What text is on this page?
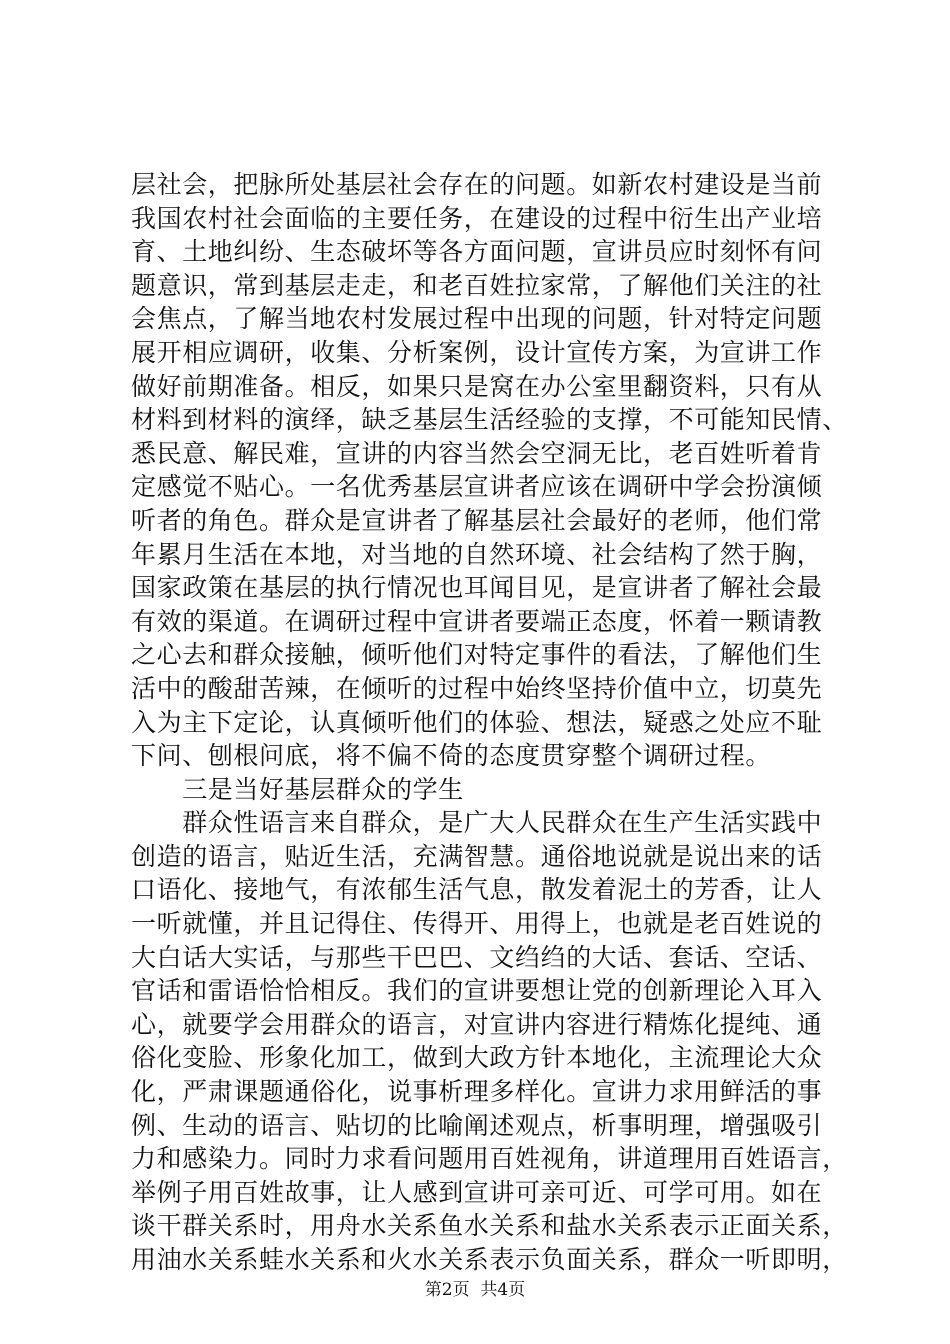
层社会，把脉所处基层社会存在的问题。如新农村建设是当前
我国农村社会面临的主要任务，在建设的过程中衍生出产业培
育、土地纠纷、生态破坏等各方面问题，宣讲员应时刻怀有问
题意识，常到基层走走，和老百姓拉家常，了解他们关注的社
会焦点，了解当地农村发展过程中出现的问题，针对特定问题
展开相应调研，收集、分析案例，设计宣传方案，为宣讲工作
做好前期准备。相反，如果只是窝在办公室里翻资料，只有从
材料到材料的演绎，缺乏基层生活经验的支撑，不可能知民情、
悉民意、解民难，宣讲的内容当然会空洞无比，老百姓听着肯
定感觉不贴心。一名优秀基层宣讲者应该在调研中学会扮演倾
听者的角色。群众是宣讲者了解基层社会最好的老师，他们常
年累月生活在本地，对当地的自然环境、社会结构了然于胸，
国家政策在基层的执行情况也耳闻目见，是宣讲者了解社会最
有效的渠道。在调研过程中宣讲者要端正态度，怀着一颗请教
之心去和群众接触，倾听他们对特定事件的看法，了解他们生
活中的酸甜苦辣，在倾听的过程中始终坚持价值中立，切莫先
入为主下定论，认真倾听他们的体验、想法，疑惑之处应不耻
下问、刨根问底，将不偏不倚的态度贯穿整个调研过程。
　　三是当好基层群众的学生
　　群众性语言来自群众，是广大人民群众在生产生活实践中
创造的语言，贴近生活，充满智慧。通俗地说就是说出来的话
口语化、接地气，有浓郁生活气息，散发着泥土的芳香，让人
一听就懂，并且记得住、传得开、用得上，也就是老百姓说的
大白话大实话，与那些干巴巴、文绉绉的大话、套话、空话、
官话和雷语恰恰相反。我们的宣讲要想让党的创新理论入耳入
心，就要学会用群众的语言，对宣讲内容进行精炼化提纯、通
俗化变脸、形象化加工，做到大政方针本地化，主流理论大众
化，严肃课题通俗化，说事析理多样化。宣讲力求用鲜活的事
例、生动的语言、贴切的比喻阐述观点，析事明理，增强吸引
力和感染力。同时力求看问题用百姓视角，讲道理用百姓语言，
举例子用百姓故事，让人感到宣讲可亲可近、可学可用。如在
谈干群关系时，用舟水关系鱼水关系和盐水关系表示正面关系，
用油水关系蛙水关系和火水关系表示负面关系，群众一听即明，
第2页  共4页
